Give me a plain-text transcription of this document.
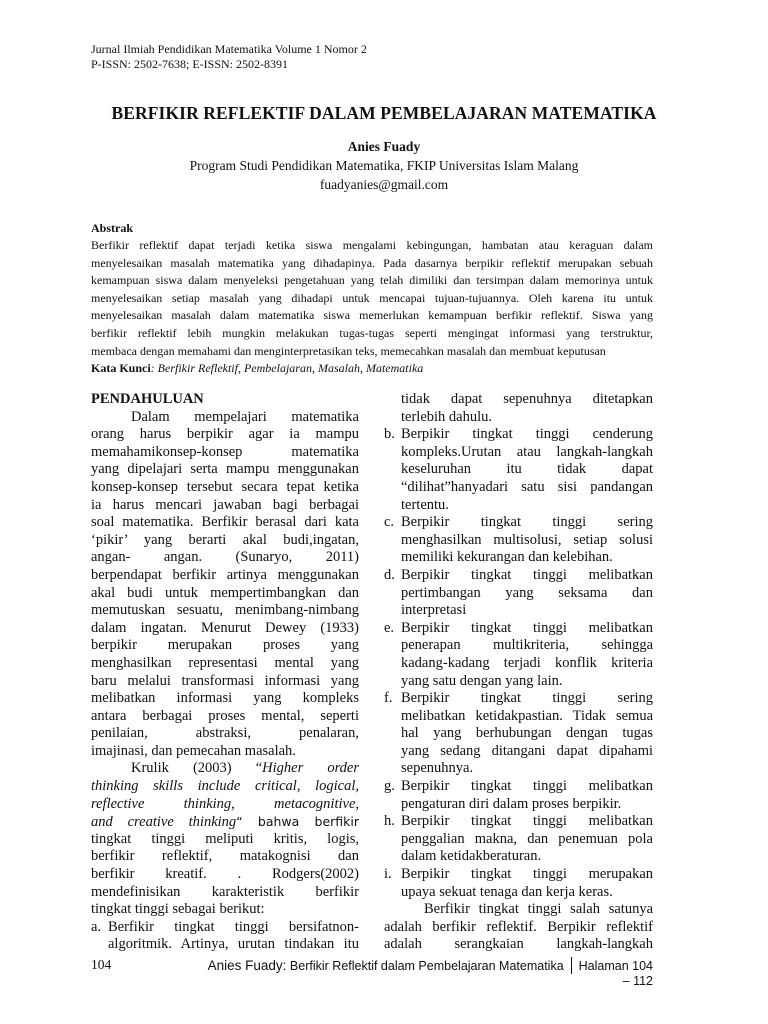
Jurnal Ilmiah Pendidikan Matematika Volume 1 Nomor 2
P-ISSN: 2502-7638; E-ISSN: 2502-8391
BERFIKIR REFLEKTIF DALAM PEMBELAJARAN MATEMATIKA
Anies Fuady
Program Studi Pendidikan Matematika, FKIP Universitas Islam Malang
fuadyanies@gmail.com
Abstrak
Berfikir reflektif dapat terjadi ketika siswa mengalami kebingungan, hambatan atau keraguan dalam
menyelesaikan masalah matematika yang dihadapinya. Pada dasarnya berpikir reflektif merupakan sebuah
kemampuan siswa dalam menyeleksi pengetahuan yang telah dimiliki dan tersimpan dalam memorinya untuk
menyelesaikan setiap masalah yang dihadapi untuk mencapai tujuan-tujuannya. Oleh karena itu untuk
menyelesaikan masalah dalam matematika siswa memerlukan kemampuan berfikir reflektif. Siswa yang
berfikir reflektif lebih mungkin melakukan tugas-tugas seperti mengingat informasi yang terstruktur,
membaca dengan memahami dan menginterpretasikan teks, memecahkan masalah dan membuat keputusan
Kata Kunci: Berfikir Reflektif, Pembelajaran, Masalah, Matematika
PENDAHULUAN
Dalam mempelajari matematika
orang harus berpikir agar ia mampu
memahamikonsep-konsep matematika
yang dipelajari serta mampu menggunakan
konsep-konsep tersebut secara tepat ketika
ia harus mencari jawaban bagi berbagai
soal matematika. Berfikir berasal dari kata
‘pikir’ yang berarti akal budi,ingatan,
angan- angan. (Sunaryo, 2011)
berpendapat berfikir artinya menggunakan
akal budi untuk mempertimbangkan dan
memutuskan sesuatu, menimbang-nimbang
dalam ingatan. Menurut Dewey (1933)
berpikir merupakan proses yang
menghasilkan representasi mental yang
baru melalui transformasi informasi yang
melibatkan informasi yang kompleks
antara berbagai proses mental, seperti
penilaian, abstraksi, penalaran,
imajinasi, dan pemecahan masalah.
Krulik (2003) “Higher order
thinking skills include critical, logical,
reflective thinking, metacognitive,
and creative thinking“ bahwa berfikir
tingkat tinggi meliputi kritis, logis,
berfikir reflektif, matakognisi dan
berfikir kreatif. . Rodgers(2002)
mendefinisikan karakteristik berfikir
tingkat tinggi sebagai berikut:
a. Berfikir tingkat tinggi bersifatnon-
algoritmik. Artinya, urutan tindakan itu
tidak dapat sepenuhnya ditetapkan
terlebih dahulu.
b. Berpikir tingkat tinggi cenderung
kompleks.Urutan atau langkah-langkah
keseluruhan itu tidak dapat
“dilihat”hanyadari satu sisi pandangan
tertentu.
c. Berpikir tingkat tinggi sering
menghasilkan multisolusi, setiap solusi
memiliki kekurangan dan kelebihan.
d. Berpikir tingkat tinggi melibatkan
pertimbangan yang seksama dan
interpretasi
e. Berpikir tingkat tinggi melibatkan
penerapan multikriteria, sehingga
kadang-kadang terjadi konflik kriteria
yang satu dengan yang lain.
f. Berpikir tingkat tinggi sering
melibatkan ketidakpastian. Tidak semua
hal yang berhubungan dengan tugas
yang sedang ditangani dapat dipahami
sepenuhnya.
g. Berpikir tingkat tinggi melibatkan
pengaturan diri dalam proses berpikir.
h. Berpikir tingkat tinggi melibatkan
penggalian makna, dan penemuan pola
dalam ketidakberaturan.
i. Berpikir tingkat tinggi merupakan
upaya sekuat tenaga dan kerja keras.
Berfikir tingkat tinggi salah satunya
adalah berfikir reflektif. Berpikir reflektif
adalah serangkaian langkah-langkah
104	Anies Fuady: Berfikir Reflektif dalam Pembelajaran Matematika Halaman 104 – 112
